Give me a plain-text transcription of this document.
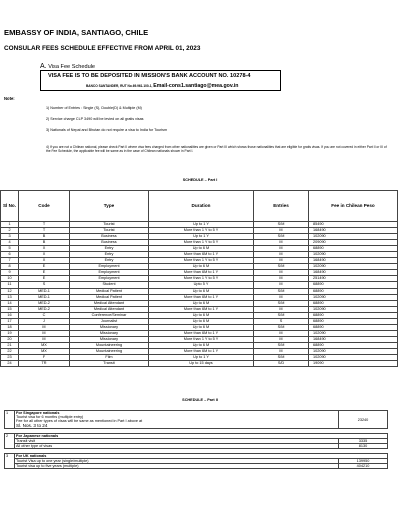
EMBASSY OF INDIA, SANTIAGO, CHILE
CONSULAR FEES SCHEDULE EFFECTIVE FROM APRIL 01, 2023
A. Visa Fee Schedule
VISA FEE IS TO BE DEPOSITED IN MISSION'S BANK ACCOUNT NO. 10278-4
BANCO SANTANDER, RUT No.69.961.100-1, Email-cons1.santiago@mea.gov.in
Note:
1) Number of Entries : Single (S), Double(D) & Multiple (M)
2) Service charge CLP 3490 will be levied on all gratis visas
3) Nationals of Nepal and Bhutan do not require a visa to India for Tourism
4) If you are not a Chilean national, please check Part II where visa fees charged from other nationalities are given or Part III which shows those nationalities that are eligible for gratis visas. If you are not covered in either Part II or III of the Fee Schedule, the applicable fee will be same as in the case of Chilean nationals shown in Part I.
SCHEDULE – Part I
Sl No.	Code	Type	Duration	Entries	Fee in Chilean Peso
1	T	Tourist	Up to 1 Y	S/M	85490
2	T	Tourist	More than 1 Y to 5 Y	M	168490
3	B	Business	Up to 1 Y	S/M	102090
4	B	Business	More than 1 Y to 5 Y	M	209090
5	X	Entry	Up to 6 M	M	68890
6	X	Entry	More than 6M to 1 Y	M	102090
7	X	Entry	More than 1 Y to 5 Y	M	168490
8	E	Employment	Up to 6 M	S/M	102090
9	E	Employment	More than 6M to 1 Y	M	168490
10	E	Employment	More than 1 Y to 5 Y	M	251490
11	S	Student	Upto 5 Y	M	68890
12	MED-1	Medical Patient	Up to 6 M	S/M	68890
13	MED-1	Medical Patient	More than 6M to 1 Y	M	102090
14	MED-2	Medical Attendant	Up to 6 M	S/M	68890
15	MED-2	Medical Attendant	More than 6M to 1 Y	M	102090
16	C	Conference/Seminar	Up to 6 M	S/M	68890
17	J	Journalist	Up to 6 M	S	68890
18	M	Missionary	Up to 6 M	S/M	68890
19	M	Missionary	More than 6M to 1 Y	M	102090
20	M	Missionary	More than 1 Y to 5 Y	M	168490
21	MX	Mountaineering	Up to 6 M	S/M	68890
22	MX	Mountaineering	More than 6M to 1 Y	M	102090
23	F	Film	Up to 1 Y	S/M	102090
24	TR	Transit	Up to 15 days	S/D	19090
SCHEDULE – Part II
1	For Singapore nationals
Tourist visa for 6 months (multiple entry)
Fee for all other types of visas will be same as mentioned in Part I above at
Sl. Nos. 3 to 24	23240

2	For Japanese nationals	
	Transit visit	3335
	All other type of visas	8130

3	For UK nationals	
	Tourist Visa up to one year (single/multiple)	139950
	Tourist visa up to five years (multiple)	404210
